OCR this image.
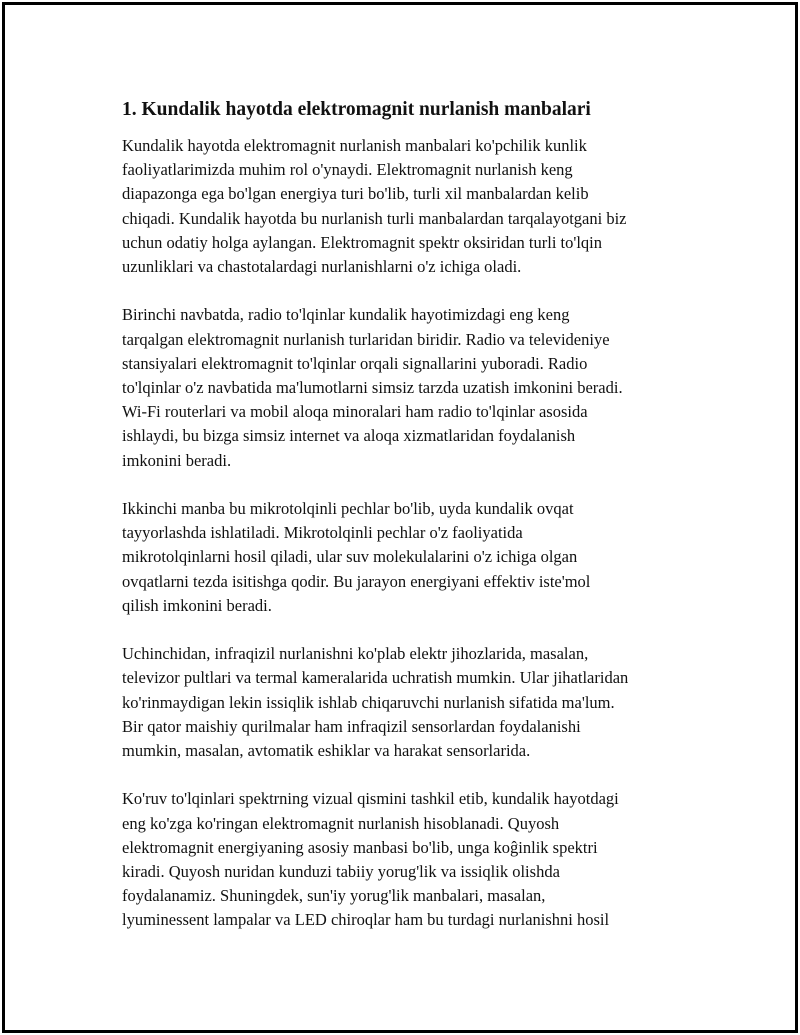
1. Kundalik hayotda elektromagnit nurlanish manbalari

Kundalik hayotda elektromagnit nurlanish manbalari ko'pchilik kunlik
faoliyatlarimizda muhim rol o'ynaydi. Elektromagnit nurlanish keng
diapazonga ega bo'lgan energiya turi bo'lib, turli xil manbalardan kelib
chiqadi. Kundalik hayotda bu nurlanish turli manbalardan tarqalayotgani biz
uchun odatiy holga aylangan. Elektromagnit spektr oksiridan turli to'lqin
uzunliklari va chastotalardagi nurlanishlarni o'z ichiga oladi.

Birinchi navbatda, radio to'lqinlar kundalik hayotimizdagi eng keng
tarqalgan elektromagnit nurlanish turlaridan biridir. Radio va televideniye
stansiyalari elektromagnit to'lqinlar orqali signallarini yuboradi. Radio
to'lqinlar o'z navbatida ma'lumotlarni simsiz tarzda uzatish imkonini beradi.
Wi-Fi routerlari va mobil aloqa minoralari ham radio to'lqinlar asosida
ishlaydi, bu bizga simsiz internet va aloqa xizmatlaridan foydalanish
imkonini beradi.

Ikkinchi manba bu mikrotolqinli pechlar bo'lib, uyda kundalik ovqat
tayyorlashda ishlatiladi. Mikrotolqinli pechlar o'z faoliyatida
mikrotolqinlarni hosil qiladi, ular suv molekulalarini o'z ichiga olgan
ovqatlarni tezda isitishga qodir. Bu jarayon energiyani effektiv iste'mol
qilish imkonini beradi.

Uchinchidan, infraqizil nurlanishni ko'plab elektr jihozlarida, masalan,
televizor pultlari va termal kameralarida uchratish mumkin. Ular jihatlaridan
ko'rinmaydigan lekin issiqlik ishlab chiqaruvchi nurlanish sifatida ma'lum.
Bir qator maishiy qurilmalar ham infraqizil sensorlardan foydalanishi
mumkin, masalan, avtomatik eshiklar va harakat sensorlarida.

Ko'ruv to'lqinlari spektrning vizual qismini tashkil etib, kundalik hayotdagi
eng ko'zga ko'ringan elektromagnit nurlanish hisoblanadi. Quyosh
elektromagnit energiyaning asosiy manbasi bo'lib, unga koĝinlik spektri
kiradi. Quyosh nuridan kunduzi tabiiy yorug'lik va issiqlik olishda
foydalanamiz. Shuningdek, sun'iy yorug'lik manbalari, masalan,
lyuminessent lampalar va LED chiroqlar ham bu turdagi nurlanishni hosil
